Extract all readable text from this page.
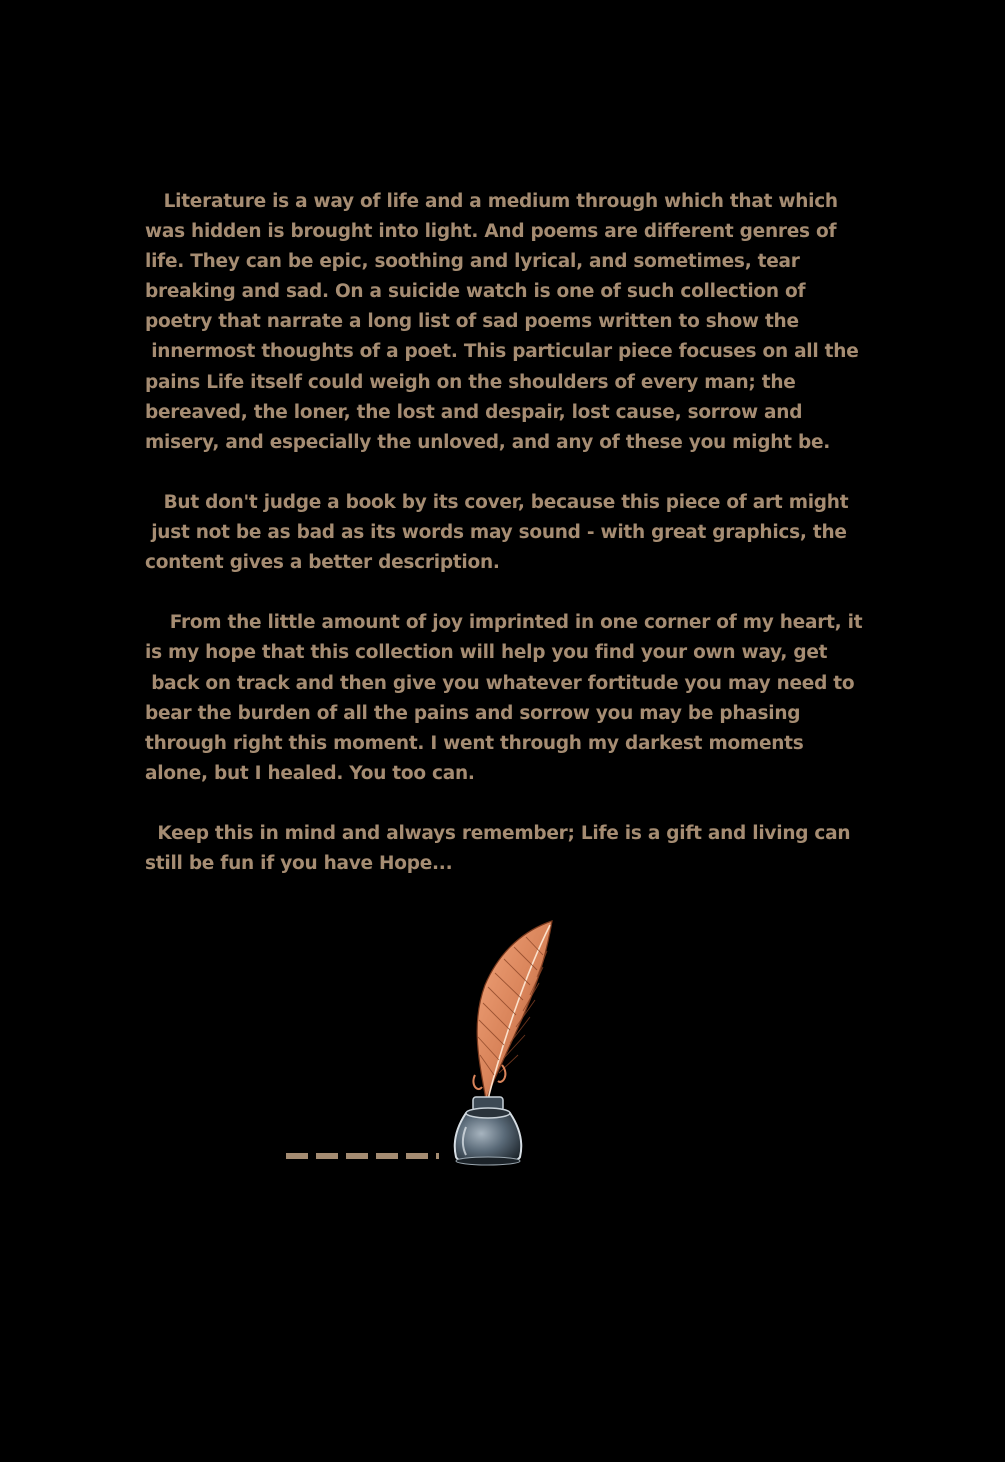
Literature is a way of life and a medium through which that which
was hidden is brought into light. And poems are different genres of
life. They can be epic, soothing and lyrical, and sometimes, tear
breaking and sad. On a suicide watch is one of such collection of
poetry that narrate a long list of sad poems written to show the
innermost thoughts of a poet. This particular piece focuses on all the
pains Life itself could weigh on the shoulders of every man; the
bereaved, the loner, the lost and despair, lost cause, sorrow and
misery, and especially the unloved, and any of these you might be.
But don't judge a book by its cover, because this piece of art might
just not be as bad as its words may sound - with great graphics, the
content gives a better description.
From the little amount of joy imprinted in one corner of my heart, it
is my hope that this collection will help you find your own way, get
back on track and then give you whatever fortitude you may need to
bear the burden of all the pains and sorrow you may be phasing
through right this moment. I went through my darkest moments
alone, but I healed. You too can.
Keep this in mind and always remember; Life is a gift and living can
still be fun if you have Hope...
